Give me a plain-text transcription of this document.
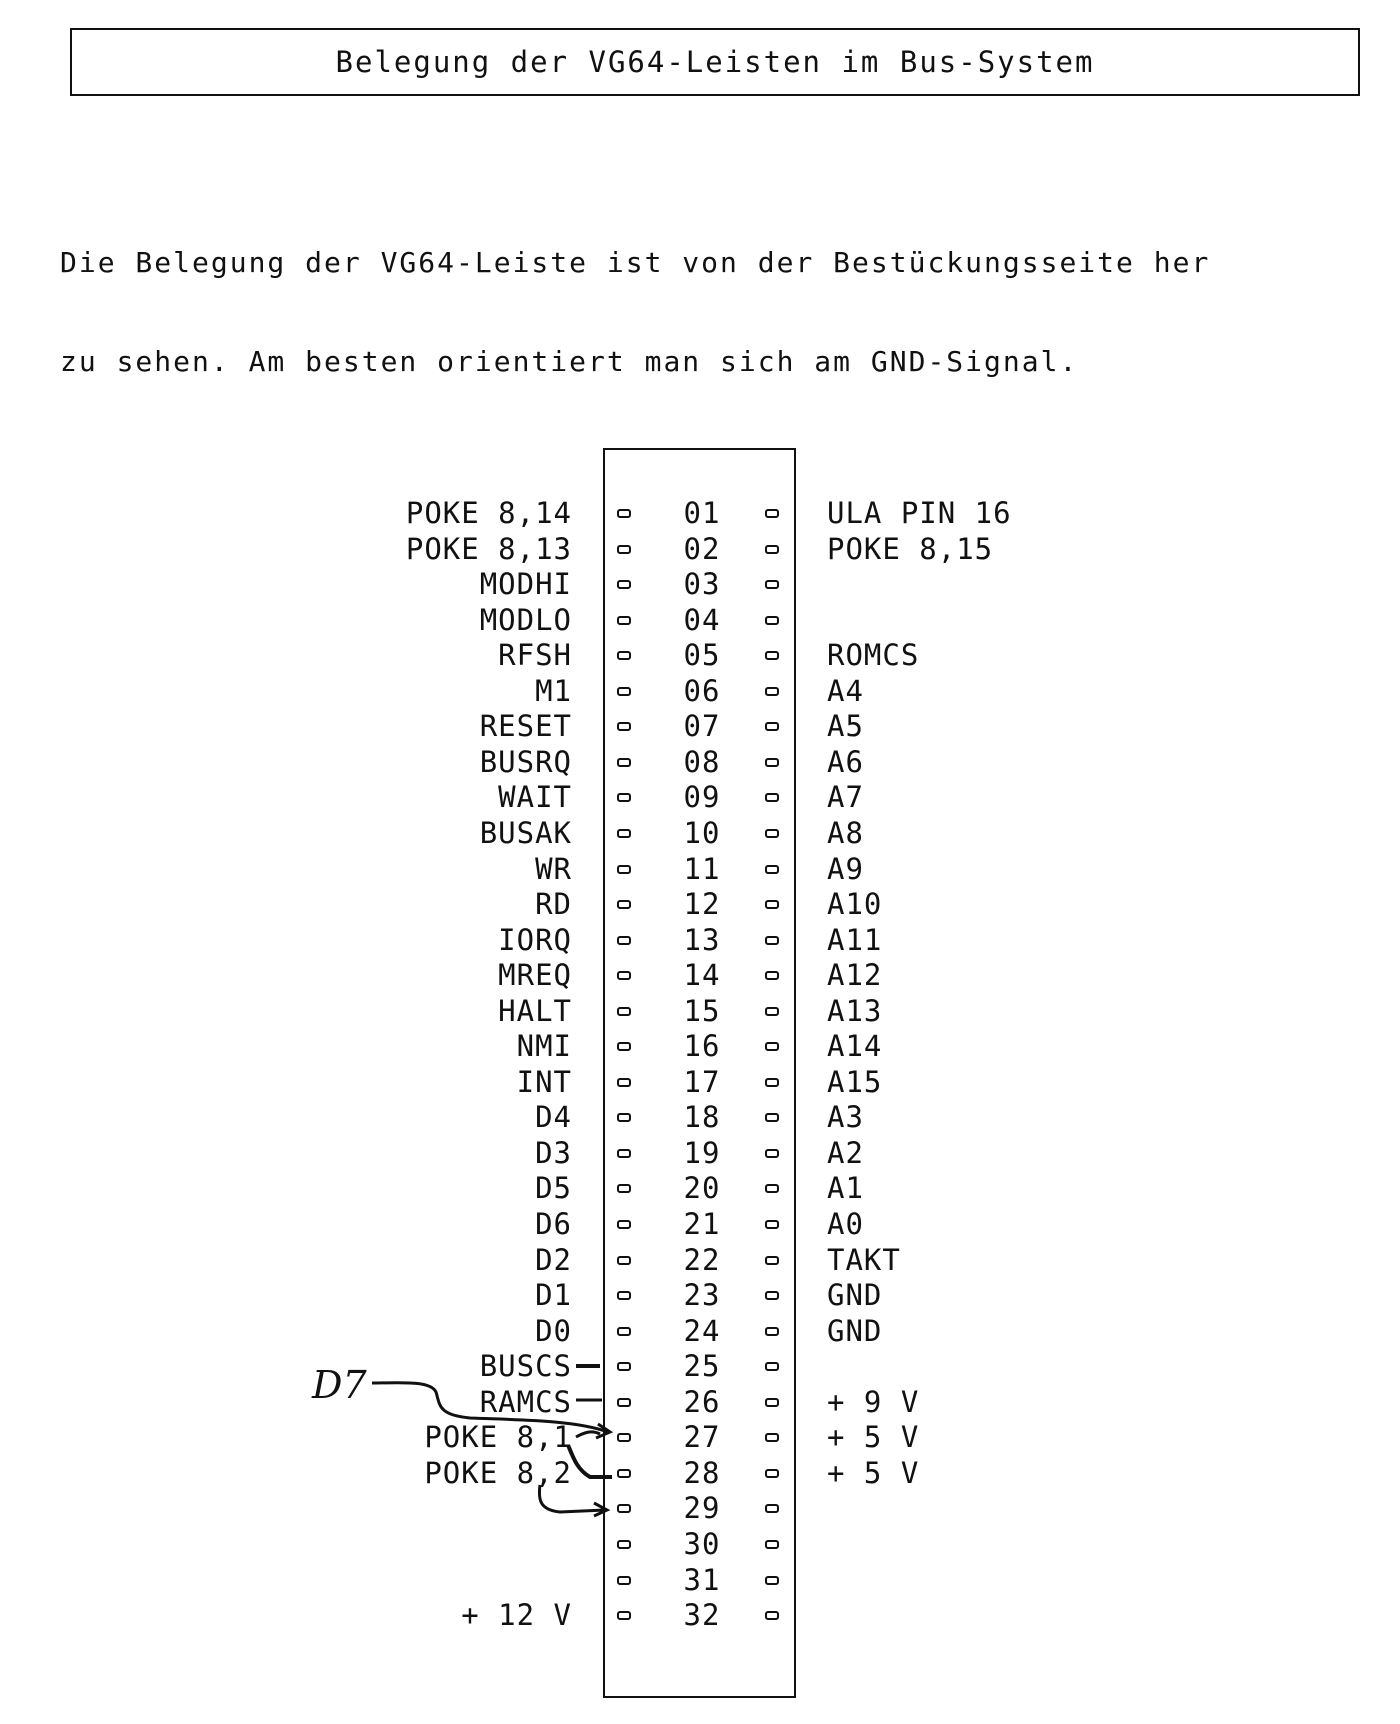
Belegung der VG64-Leisten im Bus-System

Die Belegung der VG64-Leiste ist von der Bestückungsseite her

zu sehen. Am besten orientiert man sich am GND-Signal.

POKE 8,14	01	ULA PIN 16
POKE 8,13	02	POKE 8,15
MODHI	03
MODLO	04
RFSH	05	ROMCS
M1	06	A4
RESET	07	A5
BUSRQ	08	A6
WAIT	09	A7
BUSAK	10	A8
WR	11	A9
RD	12	A10
IORQ	13	A11
MREQ	14	A12
HALT	15	A13
NMI	16	A14
INT	17	A15
D4	18	A3
D3	19	A2
D5	20	A1
D6	21	A0
D2	22	TAKT
D1	23	GND
D0	24	GND
BUSCS	25
RAMCS	26	+ 9 V
POKE 8,1	27	+ 5 V
POKE 8,2	28	+ 5 V
29
30
31
+ 12 V	32
D7
